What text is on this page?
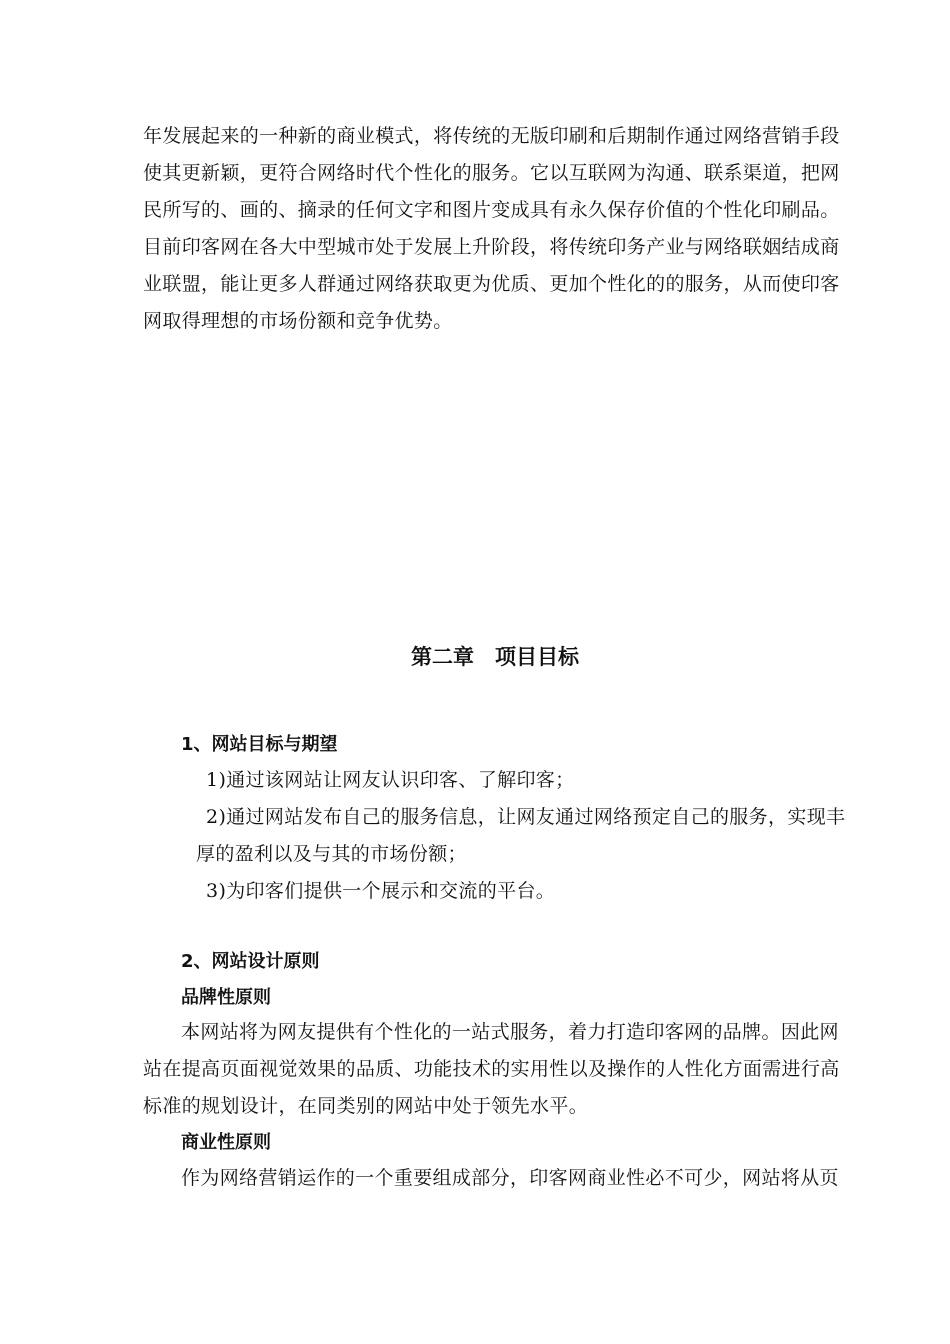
年发展起来的一种新的商业模式，将传统的无版印刷和后期制作通过网络营销手段
使其更新颖，更符合网络时代个性化的服务。它以互联网为沟通、联系渠道，把网
民所写的、画的、摘录的任何文字和图片变成具有永久保存价值的个性化印刷品。
目前印客网在各大中型城市处于发展上升阶段，将传统印务产业与网络联姻结成商
业联盟，能让更多人群通过网络获取更为优质、更加个性化的的服务，从而使印客
网取得理想的市场份额和竞争优势。
第二章　项目目标
1、网站目标与期望
1)通过该网站让网友认识印客、了解印客；
2)通过网站发布自己的服务信息，让网友通过网络预定自己的服务，实现丰
厚的盈利以及与其的市场份额；
3)为印客们提供一个展示和交流的平台。
2、网站设计原则
品牌性原则
本网站将为网友提供有个性化的一站式服务，着力打造印客网的品牌。因此网
站在提高页面视觉效果的品质、功能技术的实用性以及操作的人性化方面需进行高
标准的规划设计，在同类别的网站中处于领先水平。
商业性原则
作为网络营销运作的一个重要组成部分，印客网商业性必不可少，网站将从页
